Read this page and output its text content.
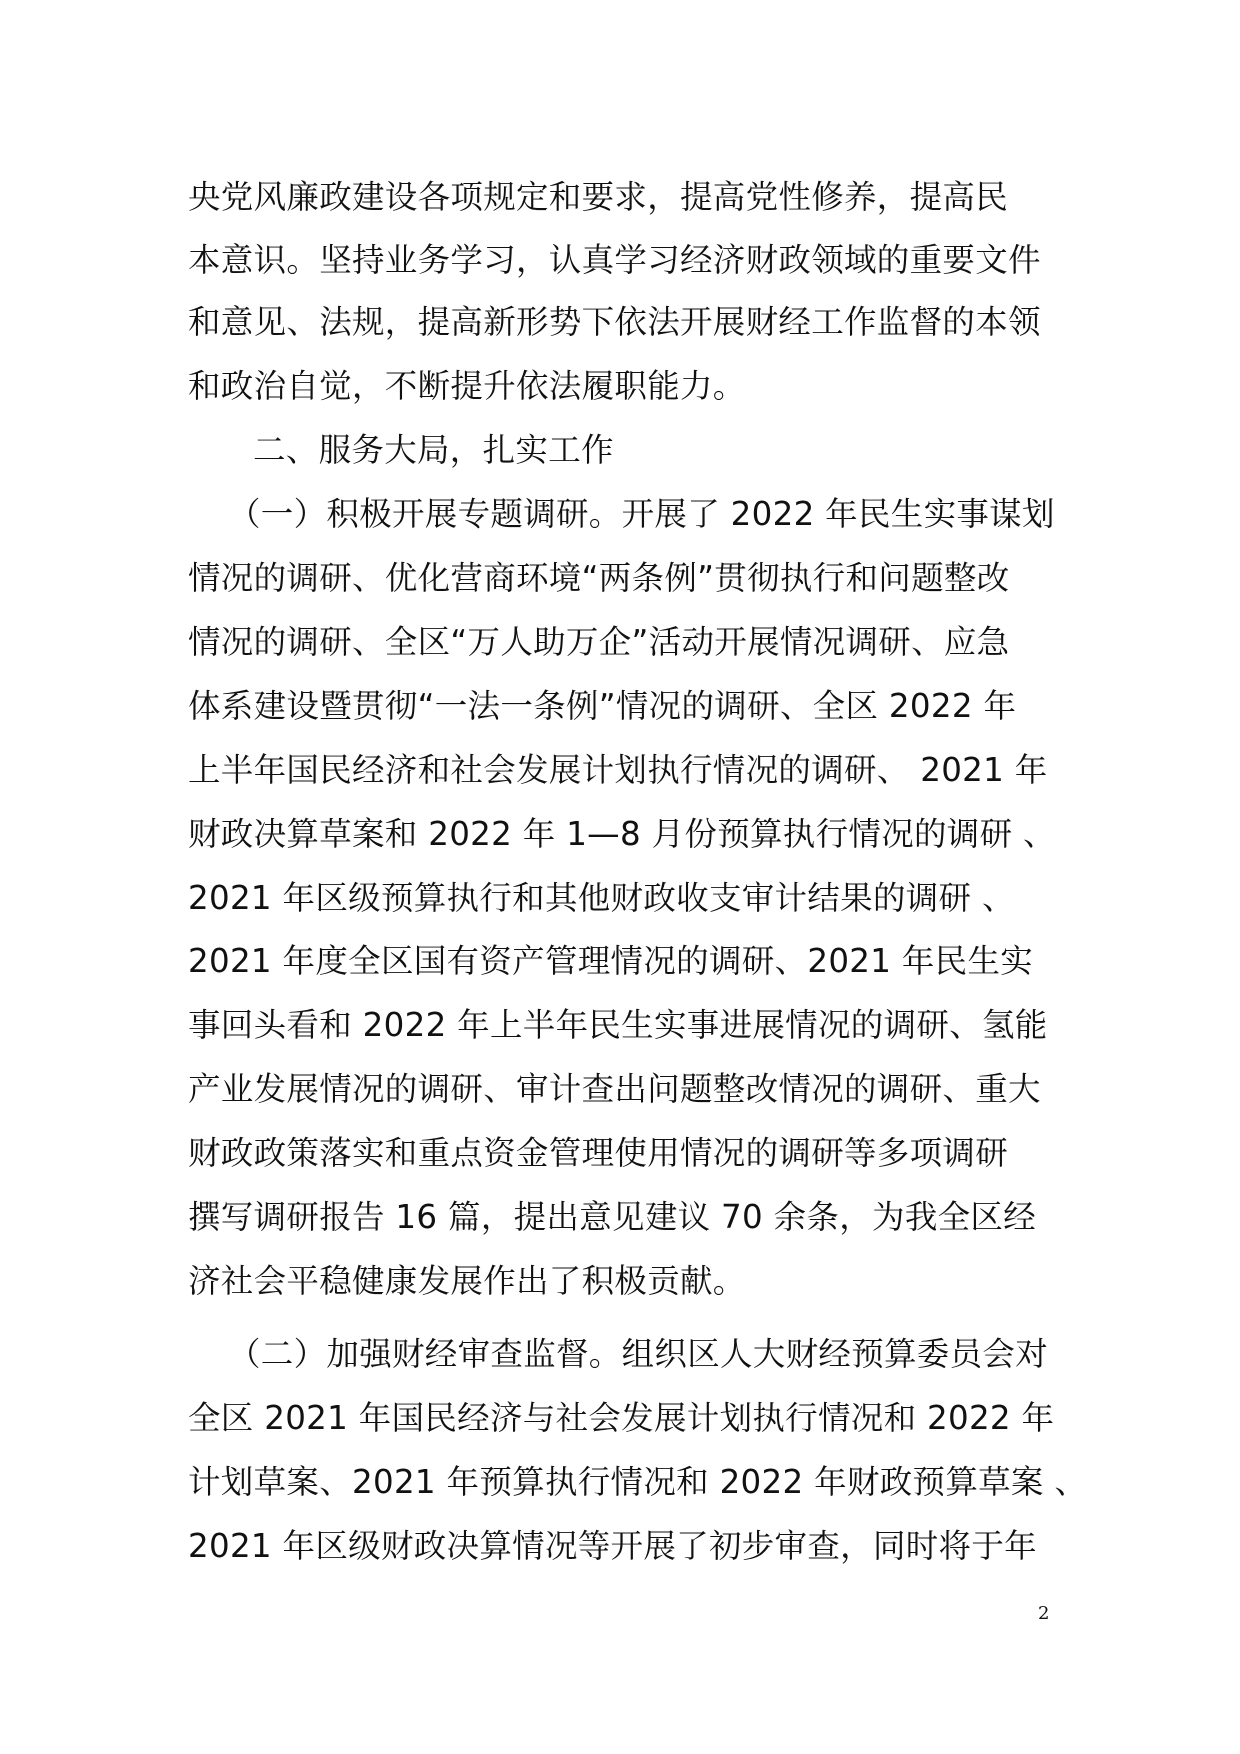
央党风廉政建设各项规定和要求，提高党性修养，提高民
本意识。坚持业务学习，认真学习经济财政领域的重要文件
和意见、法规，提高新形势下依法开展财经工作监督的本领
和政治自觉，不断提升依法履职能力。
二、服务大局，扎实工作
（一）积极开展专题调研。开展了 2022 年民生实事谋划
情况的调研、优化营商环境“两条例”贯彻执行和问题整改
情况的调研、全区“万人助万企”活动开展情况调研、应急
体系建设暨贯彻“一法一条例”情况的调研、全区 2022 年
上半年国民经济和社会发展计划执行情况的调研、 2021 年
财政决算草案和 2022 年 1—8 月份预算执行情况的调研 、
2021 年区级预算执行和其他财政收支审计结果的调研 、
2021 年度全区国有资产管理情况的调研、2021 年民生实
事回头看和 2022 年上半年民生实事进展情况的调研、氢能
产业发展情况的调研、审计查出问题整改情况的调研、重大
财政政策落实和重点资金管理使用情况的调研等多项调研
撰写调研报告 16 篇，提出意见建议 70 余条，为我全区经
济社会平稳健康发展作出了积极贡献。
（二）加强财经审查监督。组织区人大财经预算委员会对
全区 2021 年国民经济与社会发展计划执行情况和 2022 年
计划草案、2021 年预算执行情况和 2022 年财政预算草案 、
2021 年区级财政决算情况等开展了初步审查，同时将于年
2
